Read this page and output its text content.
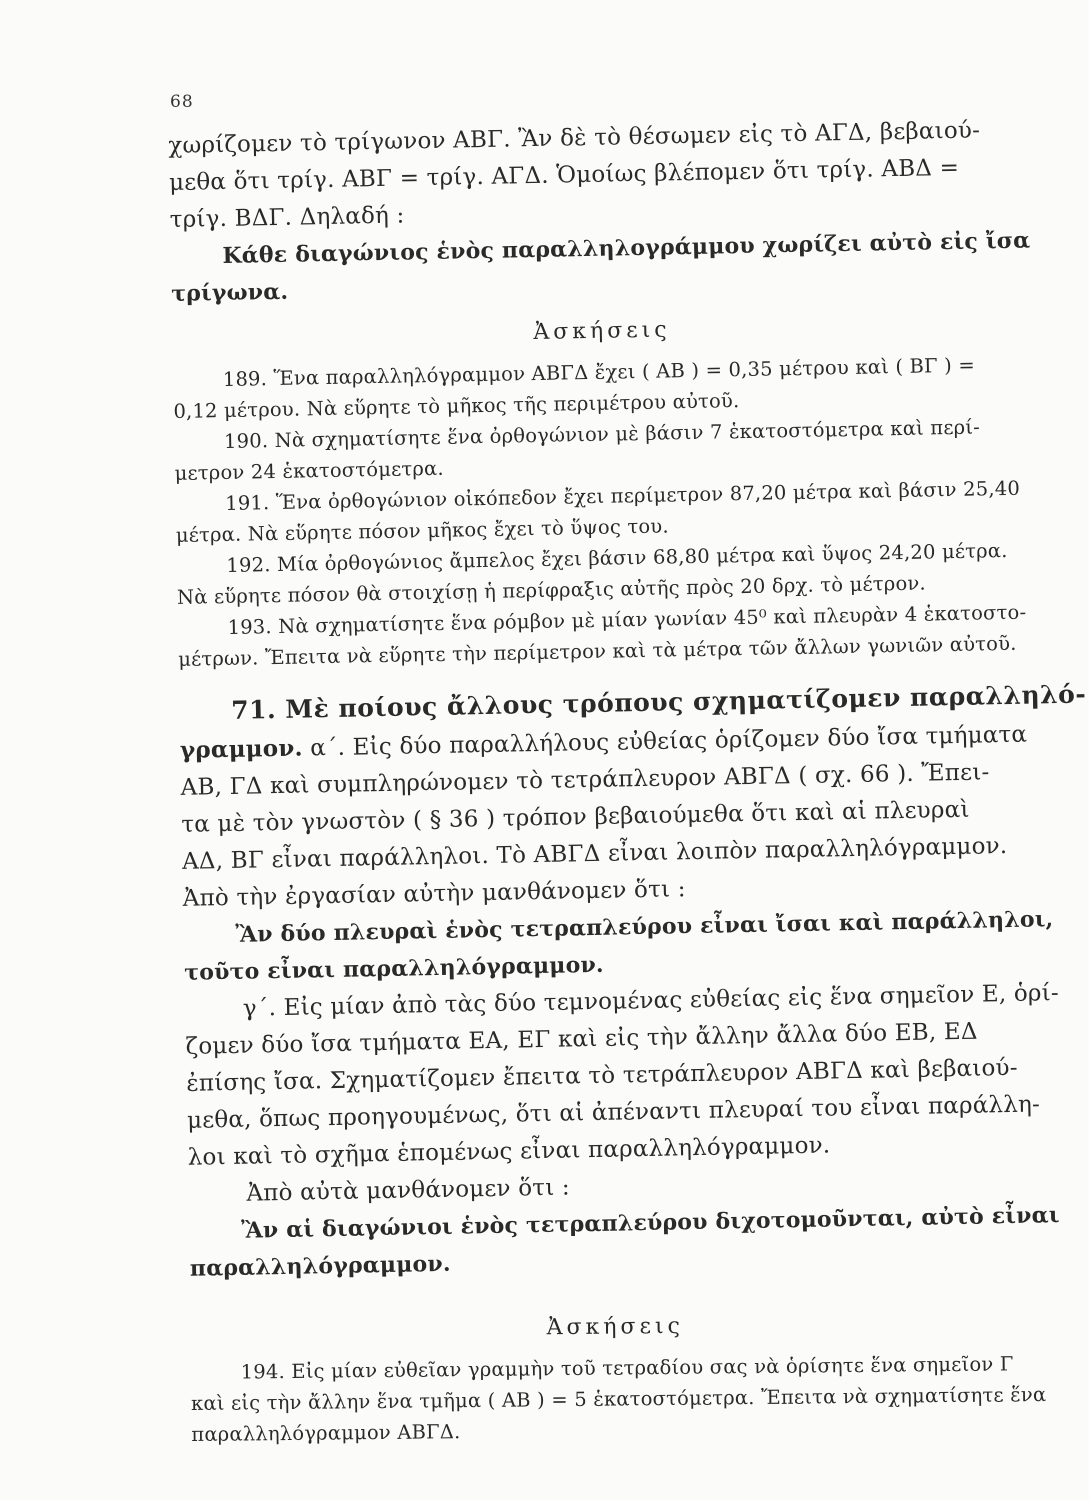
68
χωρίζομεν τὸ τρίγωνον ΑΒΓ. Ἂν δὲ τὸ θέσωμεν εἰς τὸ ΑΓΔ, βεβαιού-
μεθα ὅτι τρίγ. ΑΒΓ = τρίγ. ΑΓΔ. Ὁμοίως βλέπομεν ὅτι τρίγ. ΑΒΔ =
τρίγ. ΒΔΓ. Δηλαδή :
Κάθε διαγώνιος ἑνὸς παραλληλογράμμου χωρίζει αὐτὸ εἰς ἴσα
τρίγωνα.
Ἀσκήσεις
189. Ἕνα παραλληλόγραμμον ΑΒΓΔ ἔχει ( ΑΒ ) = 0,35 μέτρου καὶ ( ΒΓ ) =
0,12 μέτρου. Νὰ εὕρητε τὸ μῆκος τῆς περιμέτρου αὐτοῦ.
190. Νὰ σχηματίσητε ἕνα ὀρθογώνιον μὲ βάσιν 7 ἑκατοστόμετρα καὶ περί-
μετρον 24 ἑκατοστόμετρα.
191. Ἕνα ὀρθογώνιον οἰκόπεδον ἔχει περίμετρον 87,20 μέτρα καὶ βάσιν 25,40
μέτρα. Νὰ εὕρητε πόσον μῆκος ἔχει τὸ ὕψος του.
192. Μία ὀρθογώνιος ἄμπελος ἔχει βάσιν 68,80 μέτρα καὶ ὕψος 24,20 μέτρα.
Νὰ εὕρητε πόσον θὰ στοιχίσῃ ἡ περίφραξις αὐτῆς πρὸς 20 δρχ. τὸ μέτρον.
193. Νὰ σχηματίσητε ἕνα ρόμβον μὲ μίαν γωνίαν 45⁰ καὶ πλευρὰν 4 ἑκατοστο-
μέτρων. Ἔπειτα νὰ εὕρητε τὴν περίμετρον καὶ τὰ μέτρα τῶν ἄλλων γωνιῶν αὐτοῦ.
71. Μὲ ποίους ἄλλους τρόπους σχηματίζομεν παραλληλό-
γραμμον. α΄. Εἰς δύο παραλλήλους εὐθείας ὁρίζομεν δύο ἴσα τμήματα
ΑΒ, ΓΔ καὶ συμπληρώνομεν τὸ τετράπλευρον ΑΒΓΔ ( σχ. 66 ). Ἔπει-
τα μὲ τὸν γνωστὸν ( § 36 ) τρόπον βεβαιούμεθα ὅτι καὶ αἱ πλευραὶ
ΑΔ, ΒΓ εἶναι παράλληλοι. Τὸ ΑΒΓΔ εἶναι λοιπὸν παραλληλόγραμμον.
Ἀπὸ τὴν ἐργασίαν αὐτὴν μανθάνομεν ὅτι :
Ἂν δύο πλευραὶ ἑνὸς τετραπλεύρου εἶναι ἴσαι καὶ παράλληλοι,
τοῦτο εἶναι παραλληλόγραμμον.
γ΄. Εἰς μίαν ἀπὸ τὰς δύο τεμνομένας εὐθείας εἰς ἕνα σημεῖον Ε, ὁρί-
ζομεν δύο ἴσα τμήματα ΕΑ, ΕΓ καὶ εἰς τὴν ἄλλην ἄλλα δύο ΕΒ, ΕΔ
ἐπίσης ἴσα. Σχηματίζομεν ἔπειτα τὸ τετράπλευρον ΑΒΓΔ καὶ βεβαιού-
μεθα, ὅπως προηγουμένως, ὅτι αἱ ἀπέναντι πλευραί του εἶναι παράλλη-
λοι καὶ τὸ σχῆμα ἑπομένως εἶναι παραλληλόγραμμον.
Ἀπὸ αὐτὰ μανθάνομεν ὅτι :
Ἂν αἱ διαγώνιοι ἑνὸς τετραπλεύρου διχοτομοῦνται, αὐτὸ εἶναι
παραλληλόγραμμον.
Ἀσκήσεις
194. Εἰς μίαν εὐθεῖαν γραμμὴν τοῦ τετραδίου σας νὰ ὁρίσητε ἕνα σημεῖον Γ
καὶ εἰς τὴν ἄλλην ἕνα τμῆμα ( ΑΒ ) = 5 ἑκατοστόμετρα. Ἔπειτα νὰ σχηματίσητε ἕνα
παραλληλόγραμμον ΑΒΓΔ.
